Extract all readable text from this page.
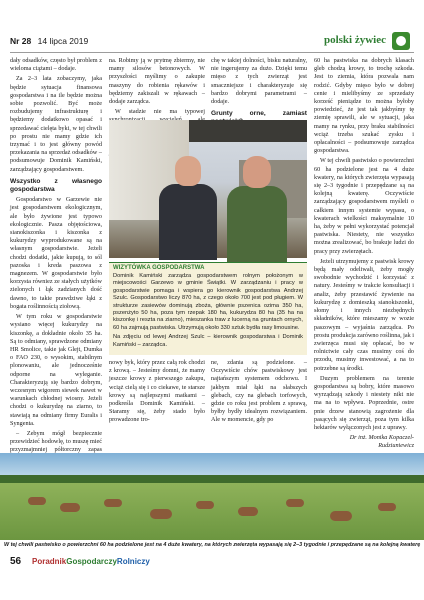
Nr 28 14 lipca 2019	polski żywiec

dały odsadków, często był problem z wieloma ciążami – dodaje.

Za 2–3 lata zobaczymy, jaka będzie sytuacja finansowa gospodarstwa i na ile będzie można sobie pozwolić. Być może rozbudujemy infrastrukturę i będziemy dodatkowo opasać i sprzedawać cielęta byki, w tej chwili po prostu nie mamy gdzie ich trzymać i to jest główny powód przekazania na sprzedaż odsadków – podsumowuje Dominik Kamiński, zarządzający gospodarstwem.

Wszystko z własnego gospodarstwa

Gospodarstwo w Garzewie nie jest gospodarstwem ekologicznym, ale było żywione jest typowo ekologicznie. Pasza objętościowa, sianokiszonka i kiszonka z kukurydzy wyprodukowane są na własnym gospodarstwie. Jeżeli chodzi dodatki, jakie kupują, to sól pazoska i kreda paszowa z magnezem. W gospodarstwie było korzysta równiez ze stałych użytków zielonych i łąk zadzianych dość dawno, to takie prawdziwe łąki z bogata roślinnością ziołową.

W tym roku w gospodarstwie wysiano więcej kukurydzy na kiszonkę, a dokładnie około 35 ha. Są to odmiany, sprawdzone odmiany HR Smolice, takie jak Glejt, Dumka o FAO 230, o wysokim, stabilnym plonowaniu, ale jednocześnie odporne na wyleganie. Charakteryzują się bardzo dobrym, wczesnym wigorem siewek nawet w warunkach chłodnej wiosny. Jeżeli chodzi o kukurydzę na ziarno, to stawiają na odmiany firmy Euralis i Syngenta.

– Zebym mógł bezpiecznie przewidzieć hodowlę, to muszę mieć przyzmajmniej półtorczny zapas

na. Robimy ją w prytmę zbiermy, nie mamy silosów betonowych. W przyszłości myślimy o zakupie maszyny do robienia rękawów i będziemy zakiszali w rękawach – dodaje zarządca.

W stadzie nie ma typowej

chę w takiej dolności, bisku naturalny, nie ingerujemy za dużo. Dzięki temu mięso z tych zwierząt jest smaczniejsze i charakteryzuje się bardzo dobrymi parametrami – dodaje.

Grunty orne, zamiast

WIZYTÓWKA GOSPODARSTWA

Dominik Kamiński zarządza gospodarstwem rolnym położonym w miejscowości Garzewo w gminie Świątki. W zarządzaniu i pracy w gospodarstwie pomaga i wspiera go kierownik gospodarstwa Andrzej Szulc. Gospodarstwo liczy 870 ha, z czego około 700 jest pod pługiem. W strukturze zasiewów dominują zboża, głównie pszenica ozima 350 ha, pszenżyto 50 ha, poza tym rzepak 180 ha, kukurydza 80 ha (35 ha na kiszonkę i reszta na ziarno), mieszanka traw z lucerną na gruntach ornych, 60 ha zajmują pastwiska. Utrzymują około 330 sztuk bydła rasy limousine.

Na zdjęciu od lewej Andrzej Szulc – kierownik gospodarstwa i Dominik Kamiński – zarządca.

nowy byk, który przez całą rok chodzi z krową. – Jesteśmy domni, że mamy jeszcze krowy z pierwszego zakupu, wciąż cielą się i co ciekawe, te starsze krowy są najlepszymi matkami – podkreśla Dominik Kamiński. – Staramy się, żeby stado było prowadzone tro-

ne, zdania są podzielone. – Oczywiście chów pastwiskowy jest najtańszym systemem odchowu. I jakbym miał łąki na słabszych glebach, czy na glebach torfowych, gdzie co roku jest problem z sprawą, byłby bydły idealnym rozwiązaniem. Ale w momencie, gdy po

60 ha pastwiska na dobrych klasach gleb chodzą krowy, to trochę szkoda. Jest to ziemia, która pozwala nam rodzić. Gdyby mięso było w dobrej cenie i mielibyśmy ze sprzedaży korześć pieniądze to można byłoby powiedzieć, że jest tak jakbyśmy tę ziemię sprawili, ale w sytuacji, jaka mamy na rynku, przy braku stabilności wciąż trzeba szukać zysku i opłacalności – podsumowuje zarządca gospodarstwa.

W tej chwili pastwisko o powierzchni 60 ha podzielone jest na 4 duże kwatery, na których zwierzęta wypasają się 2–3 tygodnie i przepędzane są na kolejną kwaterę. Oczywiście zarządzający gospodarstwem myśleli o całkiem innym systemie wypasu, o kwaterach wielkości maksymalnie 10 ha, żeby w pełni wykorzystać potencjał pastwiska. Niestety, nie wszystko można zrealizować, bo brakuje ludzi do pracy przy zwierzętach.

Jeżeli utrzymujemy z pastwisk krowy będą mały odeliwali, żeby mogły swobodnie wychodzić i korzystać z natury. Jesteśmy w trakcie konsultacji i analiz, żeby przestawić żywienie na kukurydzę z domieszką sianokiszonki, słomy i innych niezbędnych składników, które mieszamy w wozie paszowym – wyjaśnia zarządca. Po prostu produkcja zarówno roślinna, jak i zwierzęca musi się opłacać, bo w rolnictwie cały czas musimy coś do przodu, musimy inwestować, a na to potrzebne są środki.

Duzym problemem na terenie gospodarstwa są bobry, które masowo wyrządzają szkody i niestety nikt nie ma na to wpływu. Poprzednie, ostre pnie drzew stanowią zagrożenie dla pasących się zwierząt, poza tym kilka hektarów wyłączonych jest z uprawy.

Dr inż. Monika Kopaczel-Rudziuniewicz
W tej chwili pastwisko o powierzchni 60 ha podzielone jest na 4 duże kwatery, na których zwierzęta wypasają się 2–3 tygodnie i przepędzane są na kolejną kwaterę
56 PoradnikGospodarczyRolniczy
